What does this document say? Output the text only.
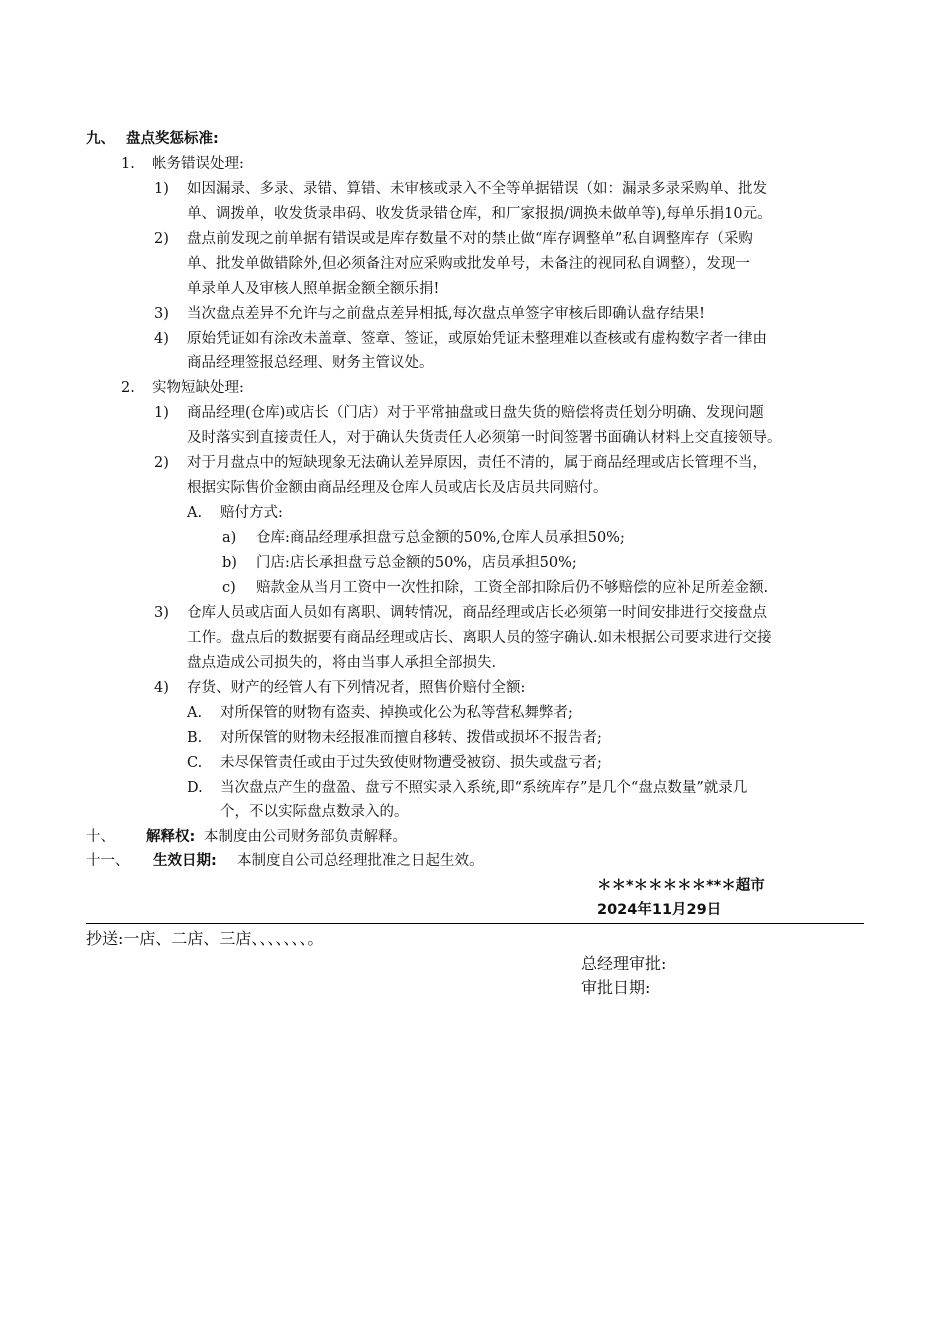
九、 盘点奖惩标准:
1. 帐务错误处理:
1) 如因漏录、多录、录错、算错、未审核或录入不全等单据错误（如：漏录多录采购单、批发
单、调拨单，收发货录串码、收发货录错仓库，和厂家报损/调换未做单等),每单乐捐10元。
2) 盘点前发现之前单据有错误或是库存数量不对的禁止做“库存调整单”私自调整库存（采购
单、批发单做错除外,但必须备注对应采购或批发单号，未备注的视同私自调整），发现一
单录单人及审核人照单据金额全额乐捐!
3) 当次盘点差异不允许与之前盘点差异相抵,每次盘点单签字审核后即确认盘存结果!
4) 原始凭证如有涂改未盖章、签章、签证，或原始凭证未整理难以查核或有虚构数字者一律由
商品经理签报总经理、财务主管议处。
2. 实物短缺处理:
1) 商品经理(仓库)或店长（门店）对于平常抽盘或日盘失货的赔偿将责任划分明确、发现问题
及时落实到直接责任人，对于确认失货责任人必须第一时间签署书面确认材料上交直接领导。
2) 对于月盘点中的短缺现象无法确认差异原因，责任不清的，属于商品经理或店长管理不当，
根据实际售价金额由商品经理及仓库人员或店长及店员共同赔付。
A. 赔付方式:
a) 仓库:商品经理承担盘亏总金额的50%,仓库人员承担50%;
b) 门店:店长承担盘亏总金额的50%，店员承担50%;
c) 赔款金从当月工资中一次性扣除，工资全部扣除后仍不够赔偿的应补足所差金额.
3) 仓库人员或店面人员如有离职、调转情况，商品经理或店长必须第一时间安排进行交接盘点
工作。盘点后的数据要有商品经理或店长、离职人员的签字确认.如未根据公司要求进行交接
盘点造成公司损失的，将由当事人承担全部损失.
4) 存货、财产的经管人有下列情况者，照售价赔付全额:
A. 对所保管的财物有盗卖、掉换或化公为私等营私舞弊者;
B. 对所保管的财物未经报准而擅自移转、拨借或损坏不报告者;
C. 未尽保管责任或由于过失致使财物遭受被窃、损失或盘亏者;
D. 当次盘点产生的盘盈、盘亏不照实录入系统,即“系统库存”是几个“盘点数量”就录几
个，不以实际盘点数录入的。
十、 解释权: 本制度由公司财务部负责解释。
十一、 生效日期: 本制度自公司总经理批准之日起生效。
＊＊*＊＊＊＊＊**＊超市
2024年11月29日
抄送:一店、二店、三店、、、、、、、。
总经理审批:
审批日期:
